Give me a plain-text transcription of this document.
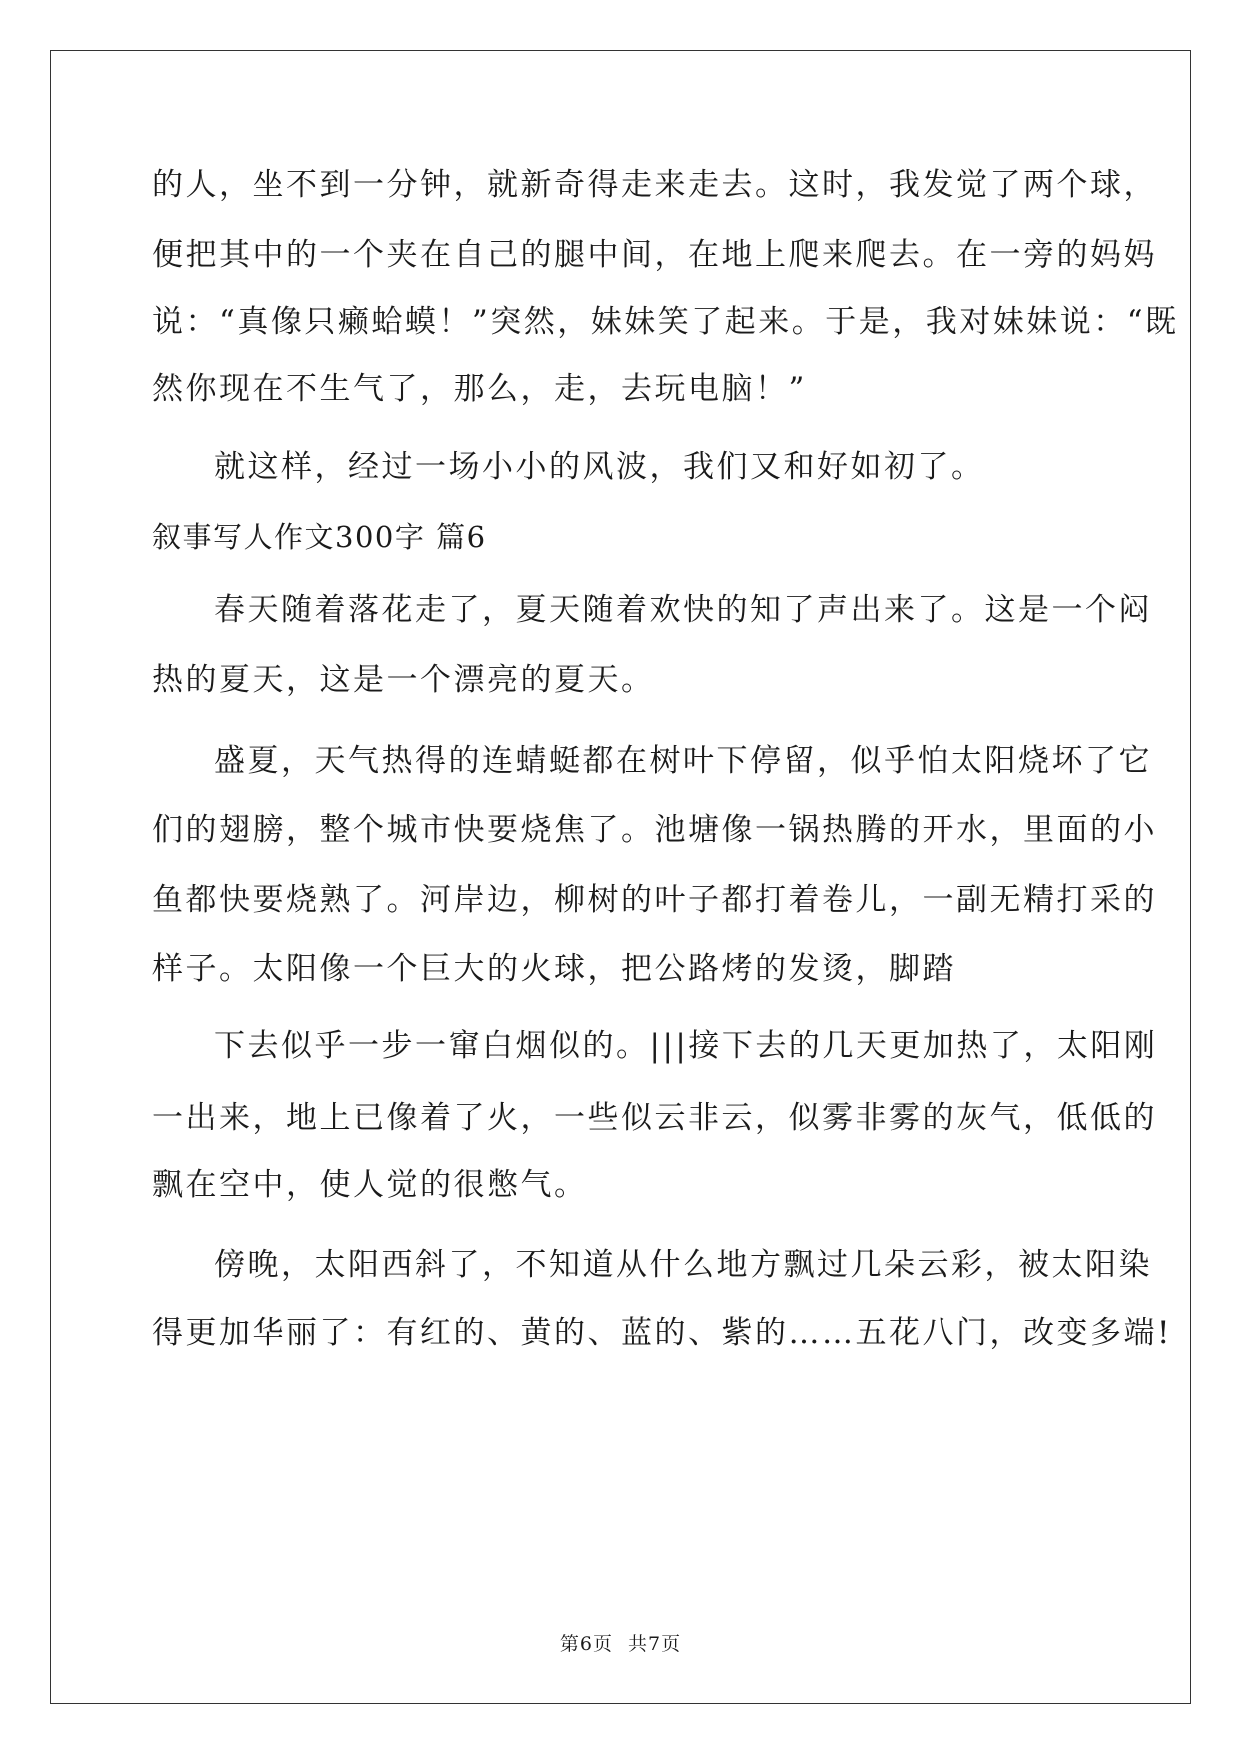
的人，坐不到一分钟，就新奇得走来走去。这时，我发觉了两个球，
便把其中的一个夹在自己的腿中间，在地上爬来爬去。在一旁的妈妈
说：“真像只癞蛤蟆！”突然，妹妹笑了起来。于是，我对妹妹说：“既
然你现在不生气了，那么，走，去玩电脑！”
就这样，经过一场小小的风波，我们又和好如初了。
叙事写人作文300字 篇6
春天随着落花走了，夏天随着欢快的知了声出来了。这是一个闷
热的夏天，这是一个漂亮的夏天。
盛夏，天气热得的连蜻蜓都在树叶下停留，似乎怕太阳烧坏了它
们的翅膀，整个城市快要烧焦了。池塘像一锅热腾的开水，里面的小
鱼都快要烧熟了。河岸边，柳树的叶子都打着卷儿，一副无精打采的
样子。太阳像一个巨大的火球，把公路烤的发烫，脚踏
下去似乎一步一窜白烟似的。|||接下去的几天更加热了，太阳刚
一出来，地上已像着了火，一些似云非云，似雾非雾的灰气，低低的
飘在空中，使人觉的很憋气。
傍晚，太阳西斜了，不知道从什么地方飘过几朵云彩，被太阳染
得更加华丽了：有红的、黄的、蓝的、紫的……五花八门，改变多端!
第6页 共7页
